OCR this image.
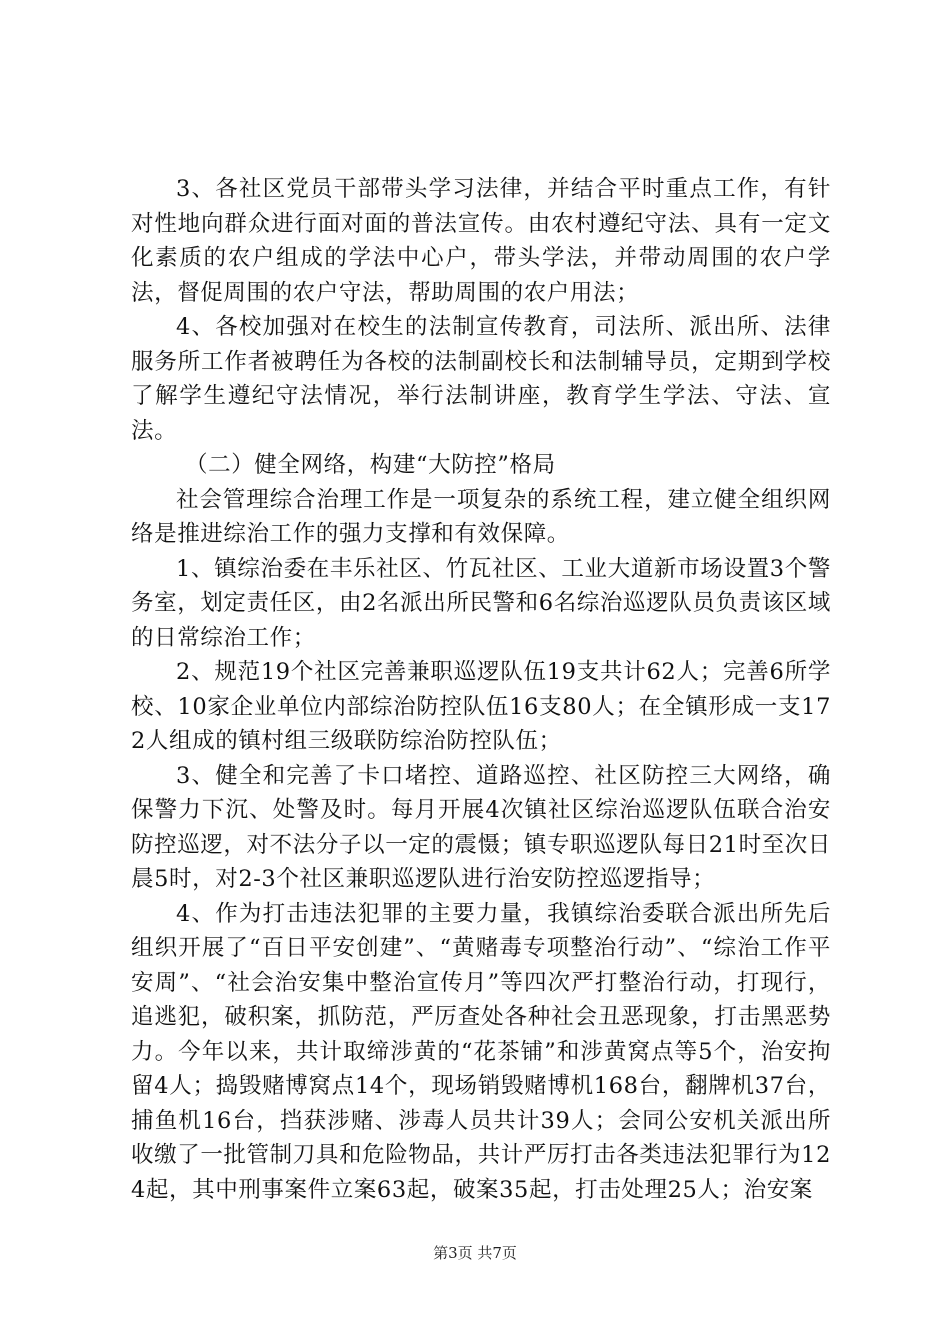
3、各社区党员干部带头学习法律，并结合平时重点工作，有针对性地向群众进行面对面的普法宣传。由农村遵纪守法、具有一定文化素质的农户组成的学法中心户，带头学法，并带动周围的农户学法，督促周围的农户守法，帮助周围的农户用法；

4、各校加强对在校生的法制宣传教育，司法所、派出所、法律服务所工作者被聘任为各校的法制副校长和法制辅导员，定期到学校了解学生遵纪守法情况，举行法制讲座，教育学生学法、守法、宣法。

（二）健全网络，构建“大防控”格局

社会管理综合治理工作是一项复杂的系统工程，建立健全组织网络是推进综治工作的强力支撑和有效保障。

1、镇综治委在丰乐社区、竹瓦社区、工业大道新市场设置3个警务室，划定责任区，由2名派出所民警和6名综治巡逻队员负责该区域的日常综治工作；

2、规范19个社区完善兼职巡逻队伍19支共计62人；完善6所学校、10家企业单位内部综治防控队伍16支80人；在全镇形成一支172人组成的镇村组三级联防综治防控队伍；

3、健全和完善了卡口堵控、道路巡控、社区防控三大网络，确保警力下沉、处警及时。每月开展4次镇社区综治巡逻队伍联合治安防控巡逻，对不法分子以一定的震慑；镇专职巡逻队每日21时至次日晨5时，对2-3个社区兼职巡逻队进行治安防控巡逻指导；

4、作为打击违法犯罪的主要力量，我镇综治委联合派出所先后组织开展了“百日平安创建”、“黄赌毒专项整治行动”、“综治工作平安周”、“社会治安集中整治宣传月”等四次严打整治行动，打现行，追逃犯，破积案，抓防范，严厉查处各种社会丑恶现象，打击黑恶势力。今年以来，共计取缔涉黄的“花茶铺”和涉黄窝点等5个，治安拘留4人；捣毁赌博窝点14个，现场销毁赌博机168台，翻牌机37台，捕鱼机16台，挡获涉赌、涉毒人员共计39人；会同公安机关派出所收缴了一批管制刀具和危险物品，共计严厉打击各类违法犯罪行为124起，其中刑事案件立案63起，破案35起，打击处理25人；治安案

第3页 共7页
